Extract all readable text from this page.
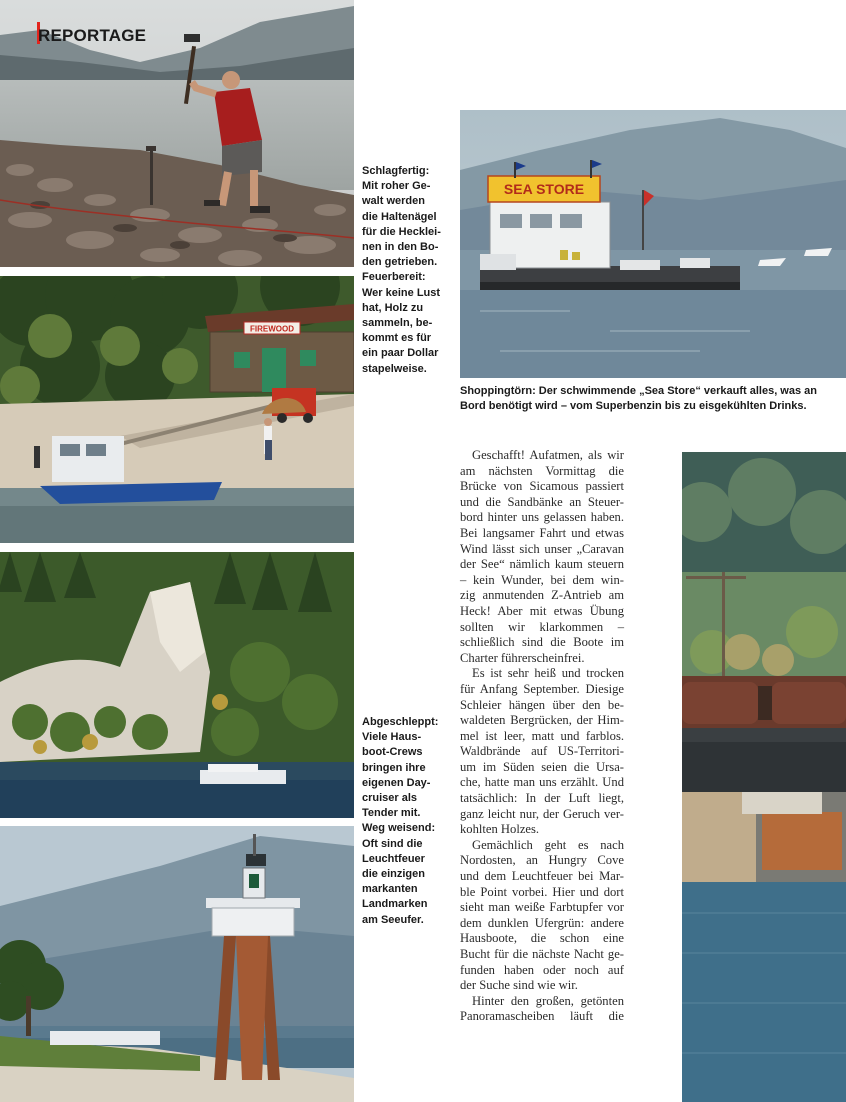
REPORTAGE
FIREWOOD
Schlagfertig:
Mit roher Ge-
walt werden
die Haltenägel
für die Hecklei-
nen in den Bo-
den getrieben.
Feuerbereit:
Wer keine Lust
hat, Holz zu
sammeln, be-
kommt es für
ein paar Dollar
stapelweise.
Abgeschleppt:
Viele Haus-
boot-Crews
bringen ihre
eigenen Day-
cruiser als
Tender mit.
Weg weisend:
Oft sind die
Leuchtfeuer
die einzigen
markanten
Landmarken
am Seeufer.
SEA STORE
Shoppingtörn: Der schwimmende „Sea Store“ verkauft alles, was an
Bord benötigt wird – vom Superbenzin bis zu eisgekühlten Drinks.
Geschafft! Aufatmen, als wir
am nächsten Vormittag die
Brücke von Sicamous passiert
und die Sandbänke an Steuer-
bord hinter uns gelassen haben.
Bei langsamer Fahrt und etwas
Wind lässt sich unser „Caravan
der See“ nämlich kaum steuern
– kein Wunder, bei dem win-
zig anmutenden Z-Antrieb am
Heck! Aber mit etwas Übung
sollten wir klarkommen –
schließlich sind die Boote im
Charter führerscheinfrei.
Es ist sehr heiß und trocken
für Anfang September. Diesige
Schleier hängen über den be-
waldeten Bergrücken, der Him-
mel ist leer, matt und farblos.
Waldbrände auf US-Territori-
um im Süden seien die Ursa-
che, hatte man uns erzählt. Und
tatsächlich: In der Luft liegt,
ganz leicht nur, der Geruch ver-
kohlten Holzes.
Gemächlich geht es nach
Nordosten, an Hungry Cove
und dem Leuchtfeuer bei Mar-
ble Point vorbei. Hier und dort
sieht man weiße Farbtupfer vor
dem dunklen Ufergrün: andere
Hausboote, die schon eine
Bucht für die nächste Nacht ge-
funden haben oder noch auf
der Suche sind wie wir.
Hinter den großen, getönten
Panoramascheiben läuft die
